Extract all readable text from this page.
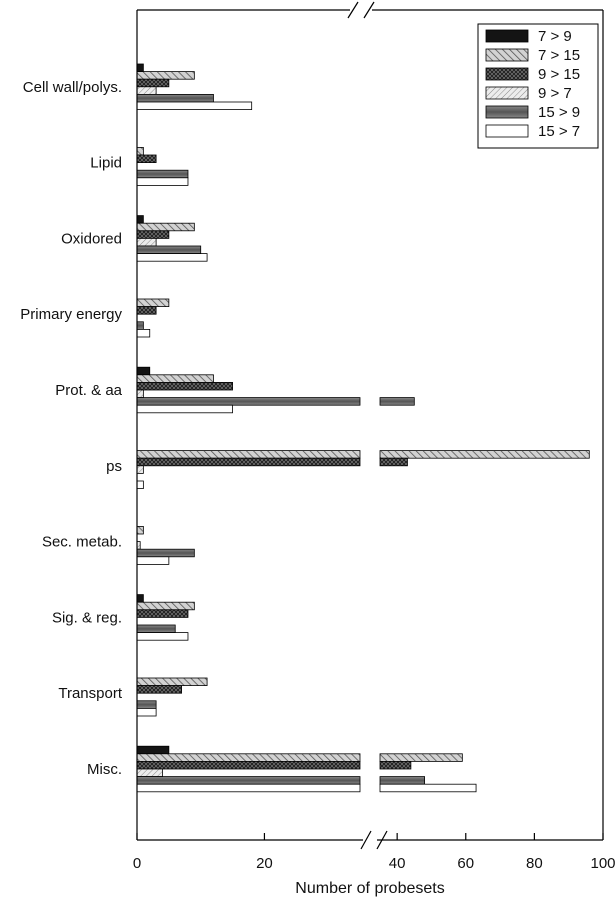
Cell wall/polys.
Lipid
Oxidored
Primary energy
Prot. & aa
ps
Sec. metab.
Sig. & reg.
Transport
Misc.
0	20	40	60	80	100
7 > 9
7 > 15
9 > 15
9 > 7
15 > 9
15 > 7
Number of probesets
